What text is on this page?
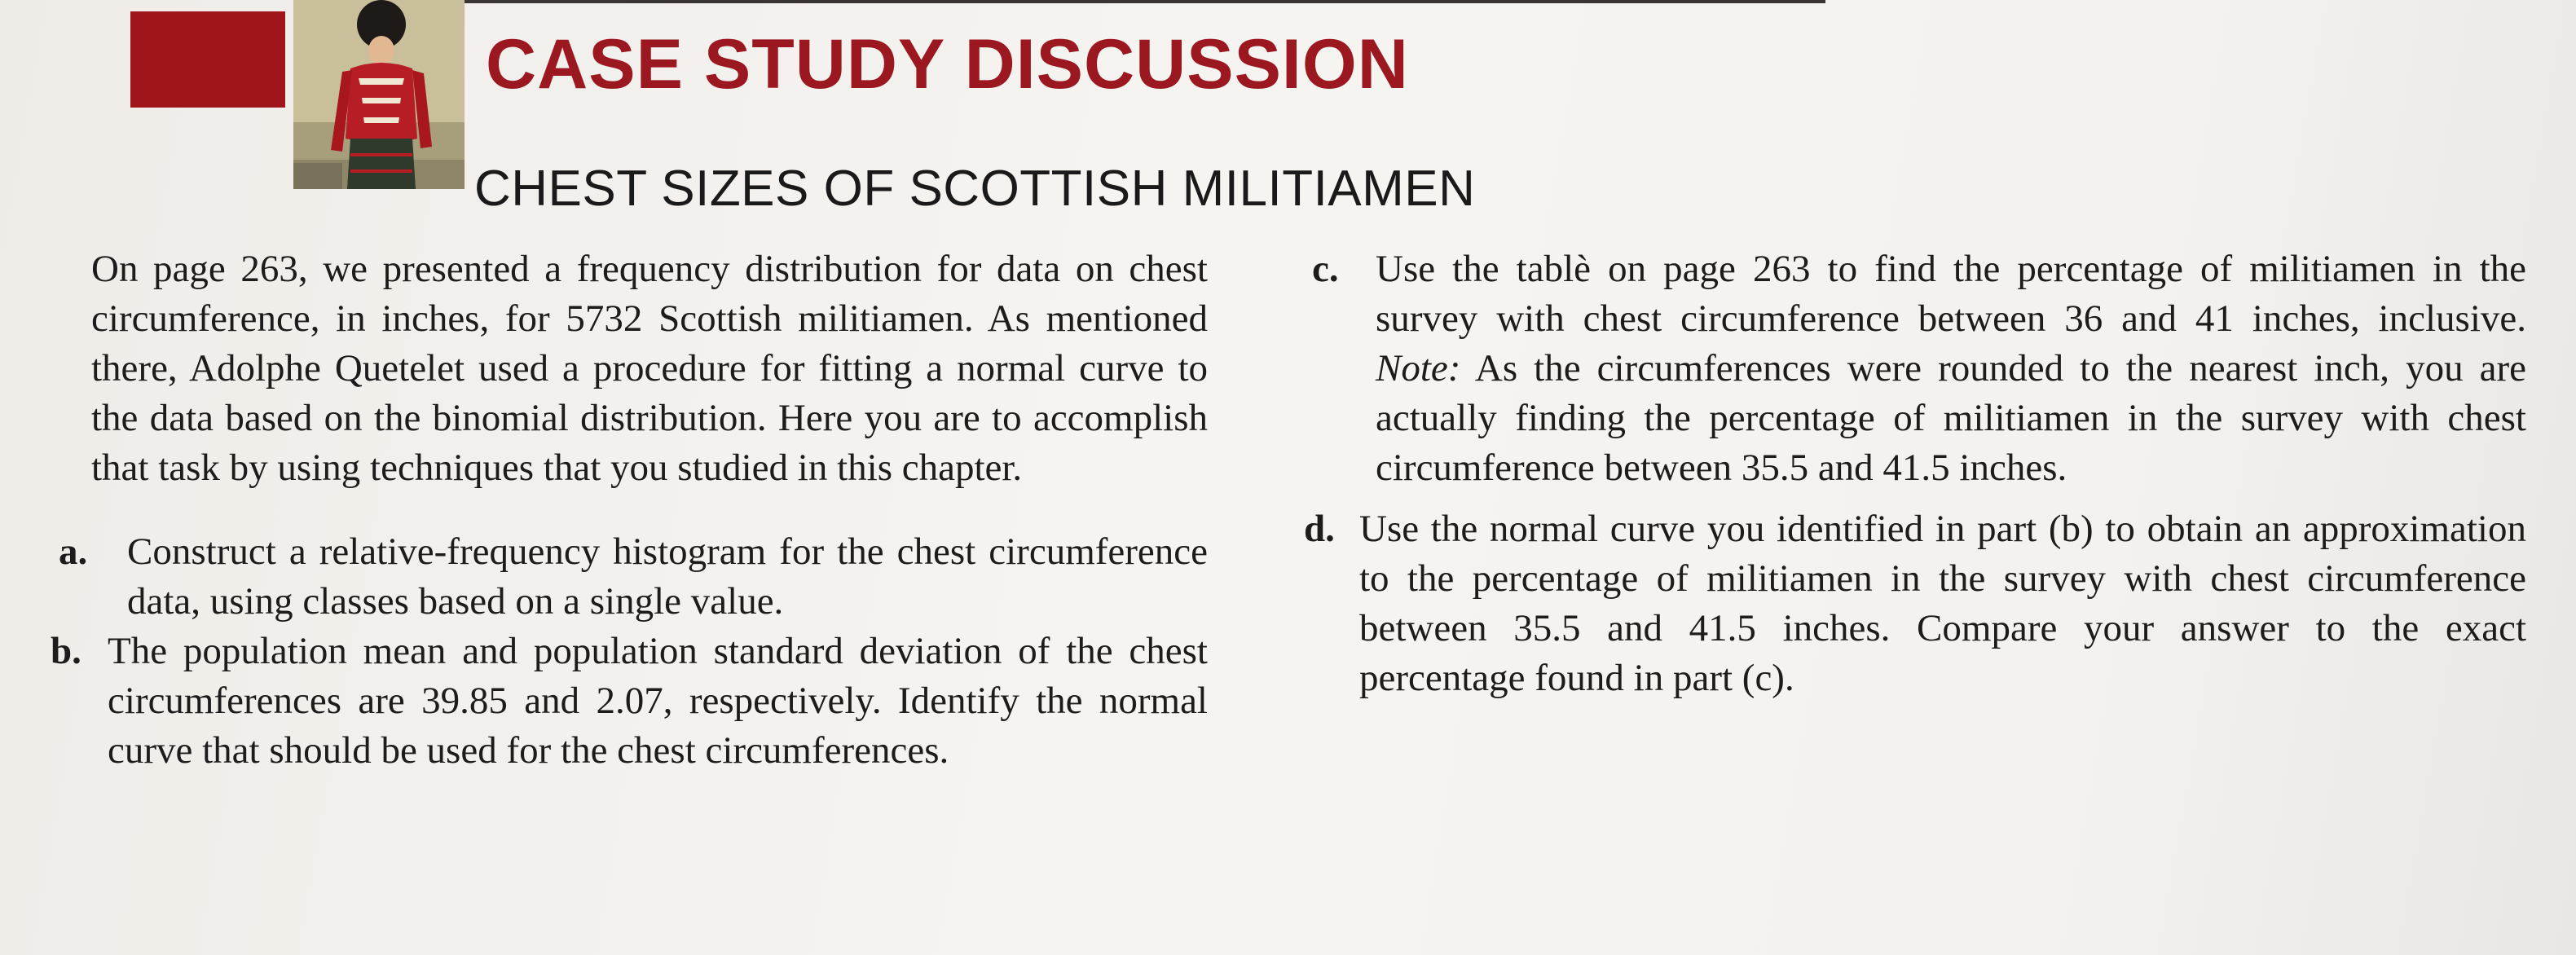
CASE STUDY DISCUSSION
CHEST SIZES OF SCOTTISH MILITIAMEN

On page 263, we presented a frequency distribution for data on chest circumference, in inches, for 5732 Scottish militiamen. As mentioned there, Adolphe Quetelet used a procedure for fitting a normal curve to the data based on the binomial distribution. Here you are to accomplish that task by using techniques that you studied in this chapter.

a. Construct a relative-frequency histogram for the chest circumference data, using classes based on a single value.
b. The population mean and population standard deviation of the chest circumferences are 39.85 and 2.07, respectively. Identify the normal curve that should be used for the chest circumferences.
c. Use the tablè on page 263 to find the percentage of militiamen in the survey with chest circumference between 36 and 41 inches, inclusive. Note: As the circumferences were rounded to the nearest inch, you are actually finding the percentage of militiamen in the survey with chest circumference between 35.5 and 41.5 inches.
d. Use the normal curve you identified in part (b) to obtain an approximation to the percentage of militiamen in the survey with chest circumference between 35.5 and 41.5 inches. Compare your answer to the exact percentage found in part (c).
